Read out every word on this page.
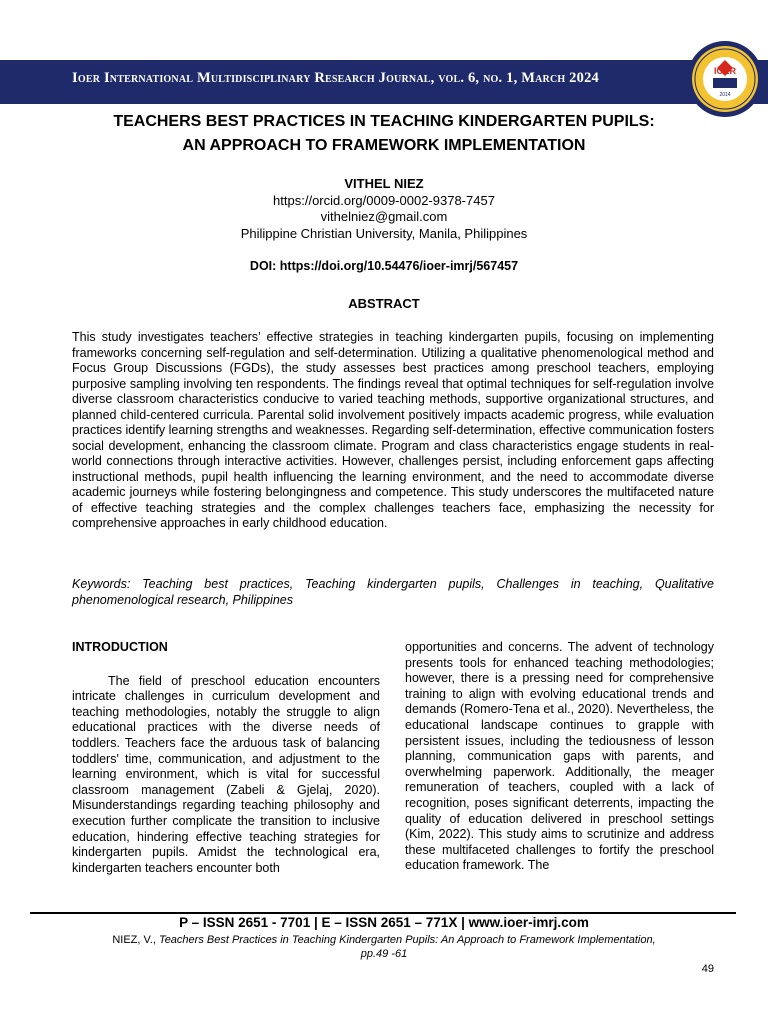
Ioer International Multidisciplinary Research Journal, vol. 6, no. 1, March 2024	IOER
2014
TEACHERS BEST PRACTICES IN TEACHING KINDERGARTEN PUPILS:
AN APPROACH TO FRAMEWORK IMPLEMENTATION
VITHEL NIEZ
https://orcid.org/0009-0002-9378-7457
vithelniez@gmail.com
Philippine Christian University, Manila, Philippines
DOI: https://doi.org/10.54476/ioer-imrj/567457
ABSTRACT
This study investigates teachers’ effective strategies in teaching kindergarten pupils, focusing on implementing frameworks concerning self-regulation and self-determination. Utilizing a qualitative phenomenological method and Focus Group Discussions (FGDs), the study assesses best practices among preschool teachers, employing purposive sampling involving ten respondents. The findings reveal that optimal techniques for self-regulation involve diverse classroom characteristics conducive to varied teaching methods, supportive organizational structures, and planned child-centered curricula. Parental solid involvement positively impacts academic progress, while evaluation practices identify learning strengths and weaknesses. Regarding self-determination, effective communication fosters social development, enhancing the classroom climate. Program and class characteristics engage students in real-world connections through interactive activities. However, challenges persist, including enforcement gaps affecting instructional methods, pupil health influencing the learning environment, and the need to accommodate diverse academic journeys while fostering belongingness and competence. This study underscores the multifaceted nature of effective teaching strategies and the complex challenges teachers face, emphasizing the necessity for comprehensive approaches in early childhood education.
Keywords: Teaching best practices, Teaching kindergarten pupils, Challenges in teaching, Qualitative phenomenological research, Philippines
INTRODUCTION

The field of preschool education encounters intricate challenges in curriculum development and teaching methodologies, notably the struggle to align educational practices with the diverse needs of toddlers. Teachers face the arduous task of balancing toddlers' time, communication, and adjustment to the learning environment, which is vital for successful classroom management (Zabeli & Gjelaj, 2020). Misunderstandings regarding teaching philosophy and execution further complicate the transition to inclusive education, hindering effective teaching strategies for kindergarten pupils. Amidst the technological era, kindergarten teachers encounter both

opportunities and concerns. The advent of technology presents tools for enhanced teaching methodologies; however, there is a pressing need for comprehensive training to align with evolving educational trends and demands (Romero-Tena et al., 2020). Nevertheless, the educational landscape continues to grapple with persistent issues, including the tediousness of lesson planning, communication gaps with parents, and overwhelming paperwork. Additionally, the meager remuneration of teachers, coupled with a lack of recognition, poses significant deterrents, impacting the quality of education delivered in preschool settings (Kim, 2022). This study aims to scrutinize and address these multifaceted challenges to fortify the preschool education framework. The
P – ISSN 2651 - 7701 | E – ISSN 2651 – 771X | www.ioer-imrj.com
NIEZ, V., Teachers Best Practices in Teaching Kindergarten Pupils: An Approach to Framework Implementation,
pp.49 -61
49
